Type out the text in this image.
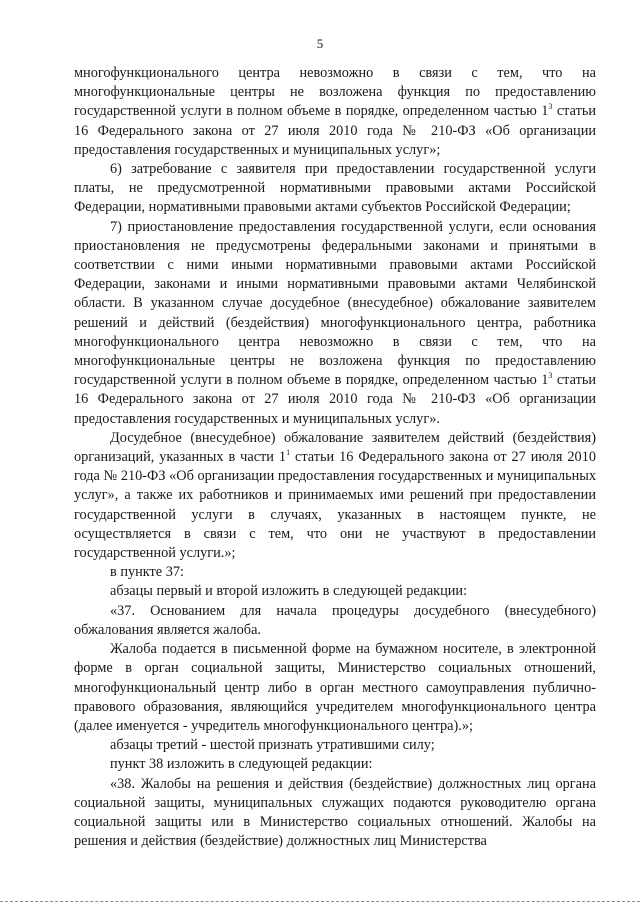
5

многофункционального центра невозможно в связи с тем, что на многофункциональные центры не возложена функция по предоставлению государственной услуги в полном объеме в порядке, определенном частью $1^3$ статьи 16 Федерального закона от 27 июля 2010 года № 210-ФЗ «Об организации предоставления государственных и муниципальных услуг»;

6) затребование с заявителя при предоставлении государственной услуги платы, не предусмотренной нормативными правовыми актами Российской Федерации, нормативными правовыми актами субъектов Российской Федерации;

7) приостановление предоставления государственной услуги, если основания приостановления не предусмотрены федеральными законами и принятыми в соответствии с ними иными нормативными правовыми актами Российской Федерации, законами и иными нормативными правовыми актами Челябинской области. В указанном случае досудебное (внесудебное) обжалование заявителем решений и действий (бездействия) многофункционального центра, работника многофункционального центра невозможно в связи с тем, что на многофункциональные центры не возложена функция по предоставлению государственной услуги в полном объеме в порядке, определенном частью $1^3$ статьи 16 Федерального закона от 27 июля 2010 года № 210-ФЗ «Об организации предоставления государственных и муниципальных услуг».

Досудебное (внесудебное) обжалование заявителем действий (бездействия) организаций, указанных в части $1^1$ статьи 16 Федерального закона от 27 июля 2010 года № 210-ФЗ «Об организации предоставления государственных и муниципальных услуг», а также их работников и принимаемых ими решений при предоставлении государственной услуги в случаях, указанных в настоящем пункте, не осуществляется в связи с тем, что они не участвуют в предоставлении государственной услуги.»;

в пункте 37:

абзацы первый и второй изложить в следующей редакции:

«37. Основанием для начала процедуры досудебного (внесудебного) обжалования является жалоба.

Жалоба подается в письменной форме на бумажном носителе, в электронной форме в орган социальной защиты, Министерство социальных отношений, многофункциональный центр либо в орган местного самоуправления публично-правового образования, являющийся учредителем многофункционального центра (далее именуется - учредитель многофункционального центра).»;

абзацы третий - шестой признать утратившими силу;

пункт 38 изложить в следующей редакции:

«38. Жалобы на решения и действия (бездействие) должностных лиц органа социальной защиты, муниципальных служащих подаются руководителю органа социальной защиты или в Министерство социальных отношений. Жалобы на решения и действия (бездействие) должностных лиц Министерства
